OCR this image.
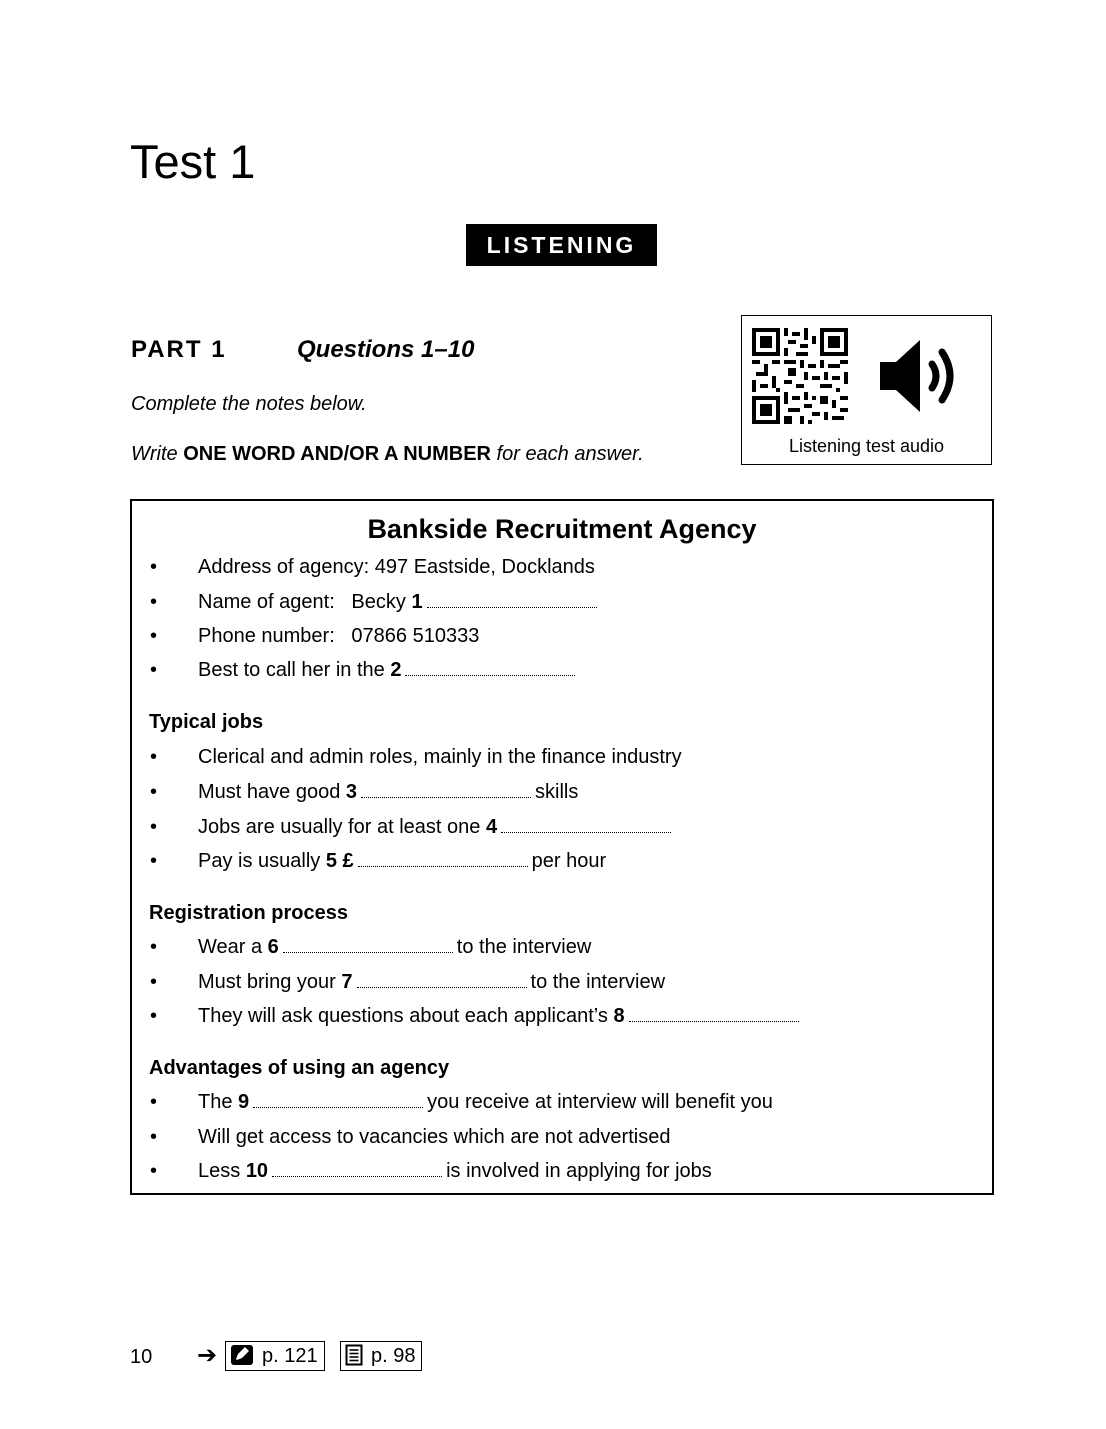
Test 1
LISTENING
PART 1	Questions 1–10
Complete the notes below.
Write ONE WORD AND/OR A NUMBER for each answer.	Listening test audio
Bankside Recruitment Agency
• Address of agency: 497 Eastside, Docklands
• Name of agent:   Becky 1
• Phone number:   07866 510333
• Best to call her in the 2
Typical jobs
• Clerical and admin roles, mainly in the finance industry
• Must have good 3	skills
• Jobs are usually for at least one 4
• Pay is usually 5 £	per hour
Registration process
• Wear a 6	to the interview
• Must bring your 7	to the interview
• They will ask questions about each applicant’s 8
Advantages of using an agency
• The 9	you receive at interview will benefit you
• Will get access to vacancies which are not advertised
• Less 10	is involved in applying for jobs
10 ➔	p. 121	p. 98
